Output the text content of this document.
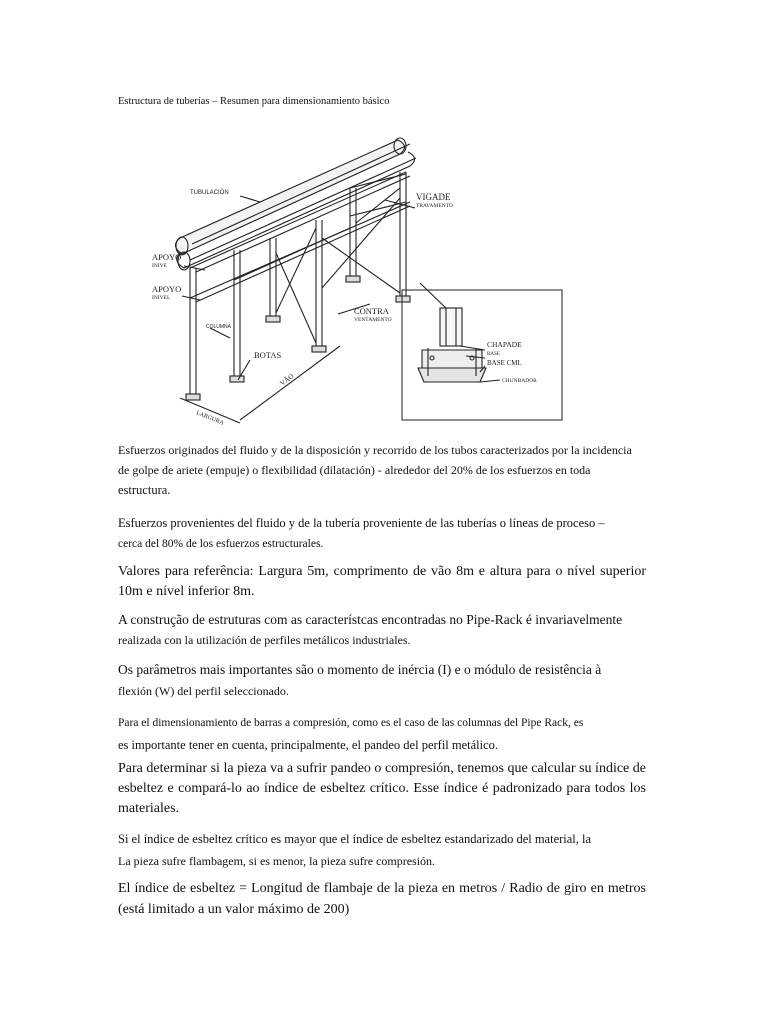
Estructura de tuberías – Resumen para dimensionamiento básico
TUBULACIÓN	VIGADE
TRAVAMENTO
APOYO
INIVE
APOYO
INIVEL
COLUMNA
CONTRA
VENTAMENTO
BOTAS
LARGURA
VÃO
CHAPADE
BASE
BASE CML
CHUNBADOR

Esfuerzos originados del fluido y de la disposición y recorrido de los tubos caracterizados por la incidencia
de golpe de ariete (empuje) o flexibilidad (dilatación) - alrededor del 20% de los esfuerzos en toda
estructura.

Esfuerzos provenientes del fluido y de la tubería proveniente de las tuberías o líneas de proceso –
cerca del 80% de los esfuerzos estructurales.

Valores para referência: Largura 5m, comprimento de vão 8m e altura para o nível superior 10m e nível inferior 8m.

A construção de estruturas com as característcas encontradas no Pipe-Rack é invariavelmente
realizada con la utilización de perfiles metálicos industriales.

Os parâmetros mais importantes são o momento de inércia (I) e o módulo de resistência à
flexión (W) del perfil seleccionado.

Para el dimensionamiento de barras a compresión, como es el caso de las columnas del Pipe Rack, es
es importante tener en cuenta, principalmente, el pandeo del perfil metálico.

Para determinar si la pieza va a sufrir pandeo o compresión, tenemos que calcular su índice de esbeltez e compará-lo ao índice de esbeltez crítico. Esse índice é padronizado para todos los materiales.

Si el índice de esbeltez crítico es mayor que el índice de esbeltez estandarizado del material, la
La pieza sufre flambagem, si es menor, la pieza sufre compresión.

El índice de esbeltez = Longitud de flambaje de la pieza en metros / Radio de giro en metros (está limitado a un valor máximo de 200)
